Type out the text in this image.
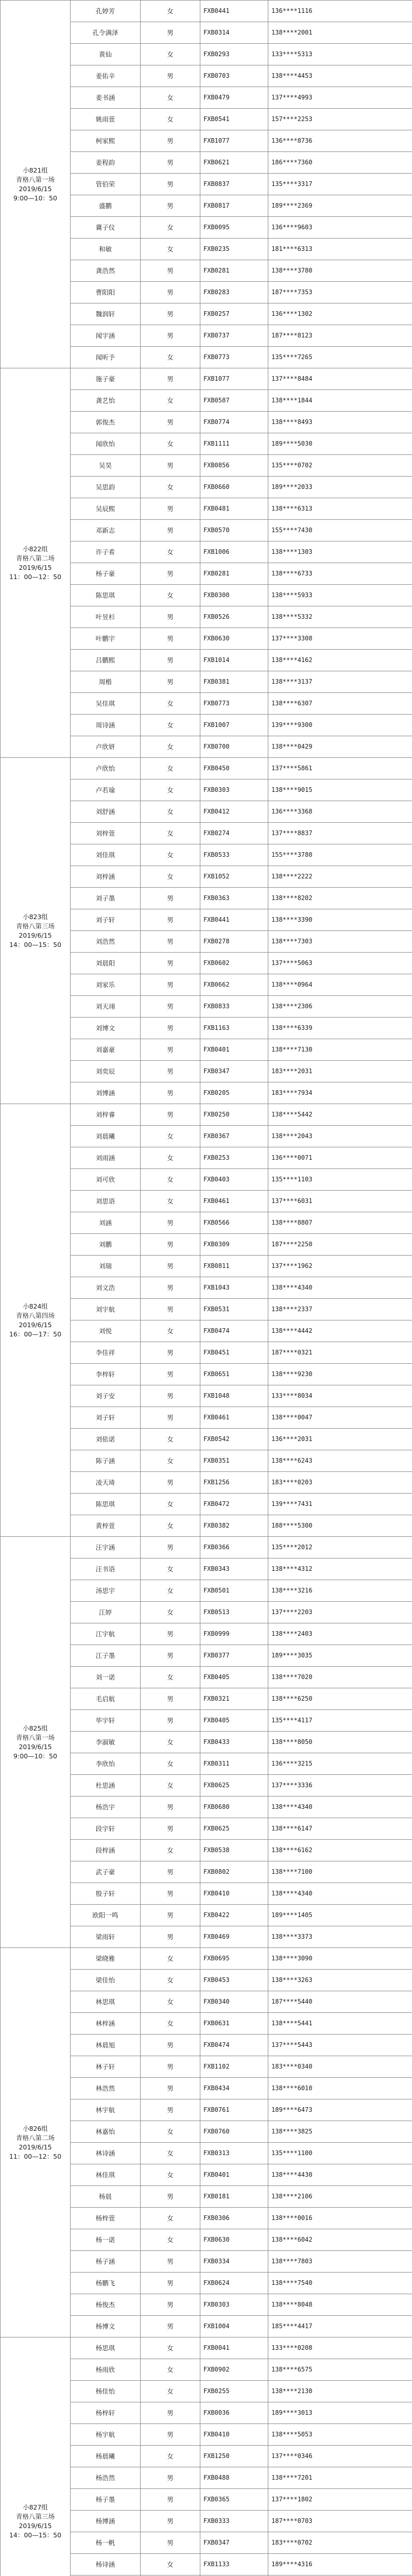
小821组
青格八第一场
2019/6/15
9:00—10：50	孔婷芳	女	FXB0441	136****1116
	孔令满泽	男	FXB0314	138****2001
	黄仙	女	FXB0293	133****5313
	姜佑辛	男	FXB0703	138****4453
	姜书涵	女	FXB0479	137****4993
	姚雨萱	女	FXB0541	157****2253
	柯家熙	男	FXB1077	136****8736
	姜程韵	男	FXB0621	186****7360
	管伯荣	男	FXB0837	135****3317
	盛鹏	男	FXB0817	189****2369
	冀子仪	女	FXB0095	136****9603
	和敏	女	FXB0235	181****6313
	龚浩然	男	FXB0281	138****3780
	曹阳阳	男	FXB0283	187****7353
	魏润轩	男	FXB0257	136****1302
	闻宇涵	男	FXB0737	187****8123
	闻昕予	女	FXB0773	135****7265

小822组
青格八第二场
2019/6/15
11：00—12：50	施子豪	男	FXB1077	137****8484
	龚艺怡	女	FXB0587	138****1844
	郭俊杰	男	FXB0774	138****8493
	闻欣怡	女	FXB1111	189****5030
	吴昊	男	FXB0856	135****0702
	吴思韵	女	FXB0660	189****2033
	吴辰熙	男	FXB0481	138****6313
	邓新志	男	FXB0570	155****7430
	许子希	女	FXB1006	138****1303
	杨子豪	男	FXB0281	138****6733
	陈思琪	女	FXB0300	138****5933
	叶昱杉	男	FXB0526	138****5332
	叶鹏宇	男	FXB0630	137****3308
	吕鹏熙	男	FXB1014	138****4162
	周楷	男	FXB0381	138****3137
	吴佳琪	女	FXB0773	138****6307
	周诗涵	女	FXB1007	139****9300
	卢欣妍	女	FXB0700	138****0429

小823组
青格八第三场
2019/6/15
14：00—15：50	卢欣怡	女	FXB0450	137****5861
	卢若瑜	女	FXB0303	138****9015
	刘舒涵	女	FXB0412	136****3368
	刘梓萱	女	FXB0274	137****8837
	刘佳琪	女	FXB0533	155****3780
	刘梓涵	女	FXB1052	138****2222
	刘子墨	男	FXB0363	138****8202
	刘子轩	男	FXB0441	138****3390
	刘浩然	男	FXB0278	138****7303
	刘晨阳	男	FXB0602	137****5063
	刘家乐	男	FXB0662	138****0964
	刘天翊	男	FXB0833	138****2306
	刘博文	男	FXB1163	138****6339
	刘嘉豪	男	FXB0401	138****7130
	刘奕辰	男	FXB0347	183****2031
	刘博涵	男	FXB0205	183****7934

小824组
青格八第四场
2019/6/15
16：00—17：50	刘梓睿	男	FXB0250	138****5442
	刘晨曦	女	FXB0367	138****2043
	刘雨涵	女	FXB0253	136****0071
	刘可欣	女	FXB0403	135****1103
	刘思语	女	FXB0461	137****6031
	刘涵	男	FXB0566	138****8807
	刘鹏	男	FXB0309	187****2250
	刘瑞	男	FXB0811	137****1962
	刘文浩	男	FXB1043	138****4340
	刘宇航	男	FXB0531	138****2337
	刘悦	女	FXB0474	138****4442
	李佳祥	男	FXB0451	187****0321
	李梓轩	男	FXB0651	138****9230
	刘子安	男	FXB1048	133****8034
	刘子轩	男	FXB0461	138****0047
	刘依诺	女	FXB0542	136****2031
	陈子涵	女	FXB0351	138****6243
	凌天琦	男	FXB1256	183****0203
	陈思琪	女	FXB0472	139****7431
	黄梓萱	女	FXB0382	188****5300

小825组
青格八第一场
2019/6/15
9:00—10：50	汪宇涵	男	FXB0366	135****2012
	汪书语	女	FXB0343	138****4312
	汤思宇	女	FXB0501	138****3216
	江婷	女	FXB0513	137****2203
	江宇航	男	FXB0999	138****2403
	江子墨	男	FXB0377	189****3035
	刘一诺	女	FXB0405	138****7020
	毛启航	男	FXB0321	138****6250
	毕宇轩	男	FXB0405	135****4117
	李淑敏	女	FXB0433	138****8050
	李欣怡	女	FXB0311	136****3215
	杜思涵	女	FXB0625	137****3336
	杨浩宇	男	FXB0680	138****4340
	段宇轩	男	FXB0625	138****6147
	段梓涵	女	FXB0538	138****6162
	武子豪	男	FXB0802	138****7100
	殷子轩	男	FXB0410	138****4340
	欧阳一鸣	男	FXB0422	189****1405
	梁雨轩	男	FXB0469	138****3373

小826组
青格八第二场
2019/6/15
11：00—12：50	梁晓雅	女	FXB0695	138****3090
	梁佳怡	女	FXB0453	138****3263
	林思琪	女	FXB0340	187****5440
	林梓涵	女	FXB0631	138****5441
	林晨旭	男	FXB0474	137****5443
	林子轩	男	FXB1102	183****0340
	林浩然	男	FXB0434	138****6010
	林宇航	男	FXB0761	189****6473
	林嘉怡	女	FXB0760	138****3825
	林诗涵	女	FXB0313	135****1100
	林佳琪	女	FXB0401	138****4430
	杨晨	男	FXB0181	138****2106
	杨梓萱	女	FXB0306	138****0016
	杨一诺	女	FXB0630	138****6042
	杨子涵	男	FXB0334	138****7803
	杨鹏飞	男	FXB0624	138****7540
	杨俊杰	男	FXB0303	138****8048
	杨博文	男	FXB1004	185****4417

小827组
青格八第三场
2019/6/15
14：00—15：50	杨思琪	女	FXB0041	133****0208
	杨雨欣	女	FXB0902	138****6575
	杨佳怡	女	FXB0255	138****2130
	杨梓轩	男	FXB0036	189****3013
	杨宇航	男	FXB0410	138****5053
	杨晨曦	女	FXB1250	137****0346
	杨浩然	男	FXB0488	138****7201
	杨子墨	男	FXB0365	137****1802
	杨博涵	男	FXB0333	187****0703
	杨一帆	男	FXB0347	183****0702
	杨诗涵	女	FXB1133	189****4316
